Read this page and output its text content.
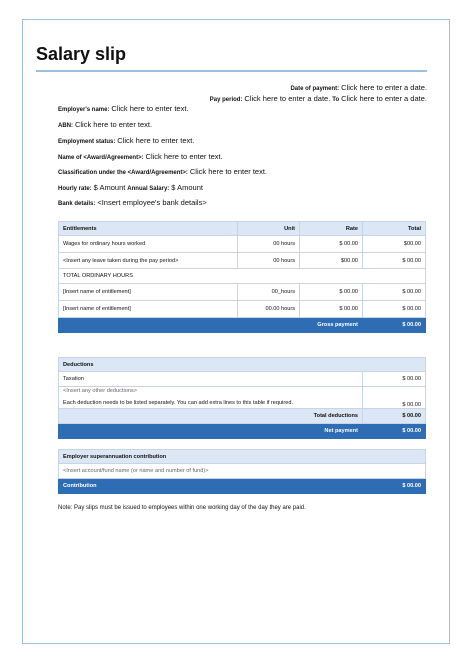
Salary slip
Date of payment: Click here to enter a date.
Pay period: Click here to enter a date. To Click here to enter a date.
Employer's name: Click here to enter text.
ABN: Click here to enter text.
Employment status: Click here to enter text.
Name of <Award/Agreement>: Click here to enter text.
Classification under the <Award/Agreement>: Click here to enter text.
Hourly rate: $ Amount Annual Salary: $ Amount
Bank details: <Insert employee's bank details>
Entitlements	Unit	Rate	Total
Wages for ordinary hours worked	00 hours	$ 00.00	$00.00
<Insert any leave taken during the pay period>	00 hours	$00.00	$ 00.00
TOTAL ORDINARY HOURS			
[Insert name of entitlement]	00_hours	$ 00.00	$ 00.00
[Insert name of entitlement]	00.00 hours	$ 00.00	$ 00.00
Gross payment			$ 00.00
Deductions	
Taxation	$ 00.00

<Insert any other deductions>
Each deduction needs to be listed separately. You can add extra lines to this table if required.	$ 00.00
Total deductions	$ 00.00
Net payment	$ 00.00
Employer superannuation contribution
<Insert account/fund name (or name and number of fund)>
Contribution	$ 00.00
Note: Pay slips must be issued to employees within one working day of the day they are paid.
